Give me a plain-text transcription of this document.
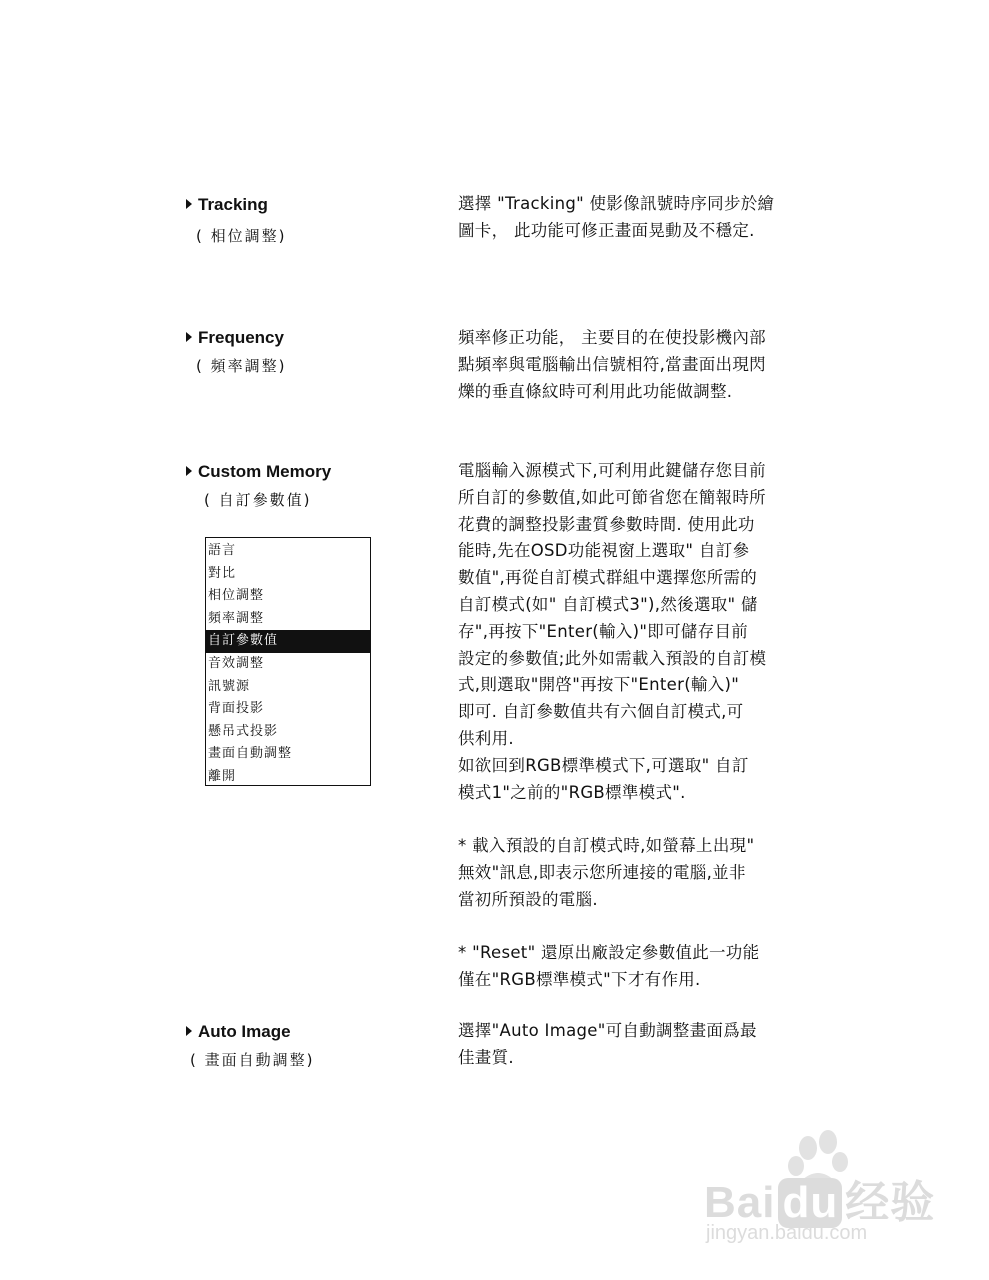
Tracking
( 相位調整)

選擇 "Tracking" 使影像訊號時序同步於繪

圖卡， 此功能可修正畫面晃動及不穩定.

Frequency
( 頻率調整)

頻率修正功能， 主要目的在使投影機內部

點頻率與電腦輸出信號相符,當畫面出現閃

爍的垂直條紋時可利用此功能做調整.

Custom Memory
( 自訂參數值)

電腦輸入源模式下,可利用此鍵儲存您目前

所自訂的參數值,如此可節省您在簡報時所

花費的調整投影畫質參數時間. 使用此功

能時,先在OSD功能視窗上選取" 自訂參

數值",再從自訂模式群組中選擇您所需的

自訂模式(如" 自訂模式3"),然後選取" 儲

存",再按下"Enter(輸入)"即可儲存目前

設定的參數值;此外如需載入預設的自訂模

式,則選取"開啓"再按下"Enter(輸入)"

即可. 自訂參數值共有六個自訂模式,可

供利用.

如欲回到RGB標準模式下,可選取" 自訂

模式1"之前的"RGB標準模式".

* 載入預設的自訂模式時,如螢幕上出現"

無效"訊息,即表示您所連接的電腦,並非

當初所預設的電腦.

* "Reset" 還原出廠設定參數值此一功能

僅在"RGB標準模式"下才有作用.

語言
對比
相位調整
頻率調整
自訂參數值
音效調整
訊號源
背面投影
懸吊式投影
畫面自動調整
離開
Auto Image
( 畫面自動調整)

選擇"Auto Image"可自動調整畫面爲最

佳畫質.

Bai du 经验
jingyan.baidu.com
